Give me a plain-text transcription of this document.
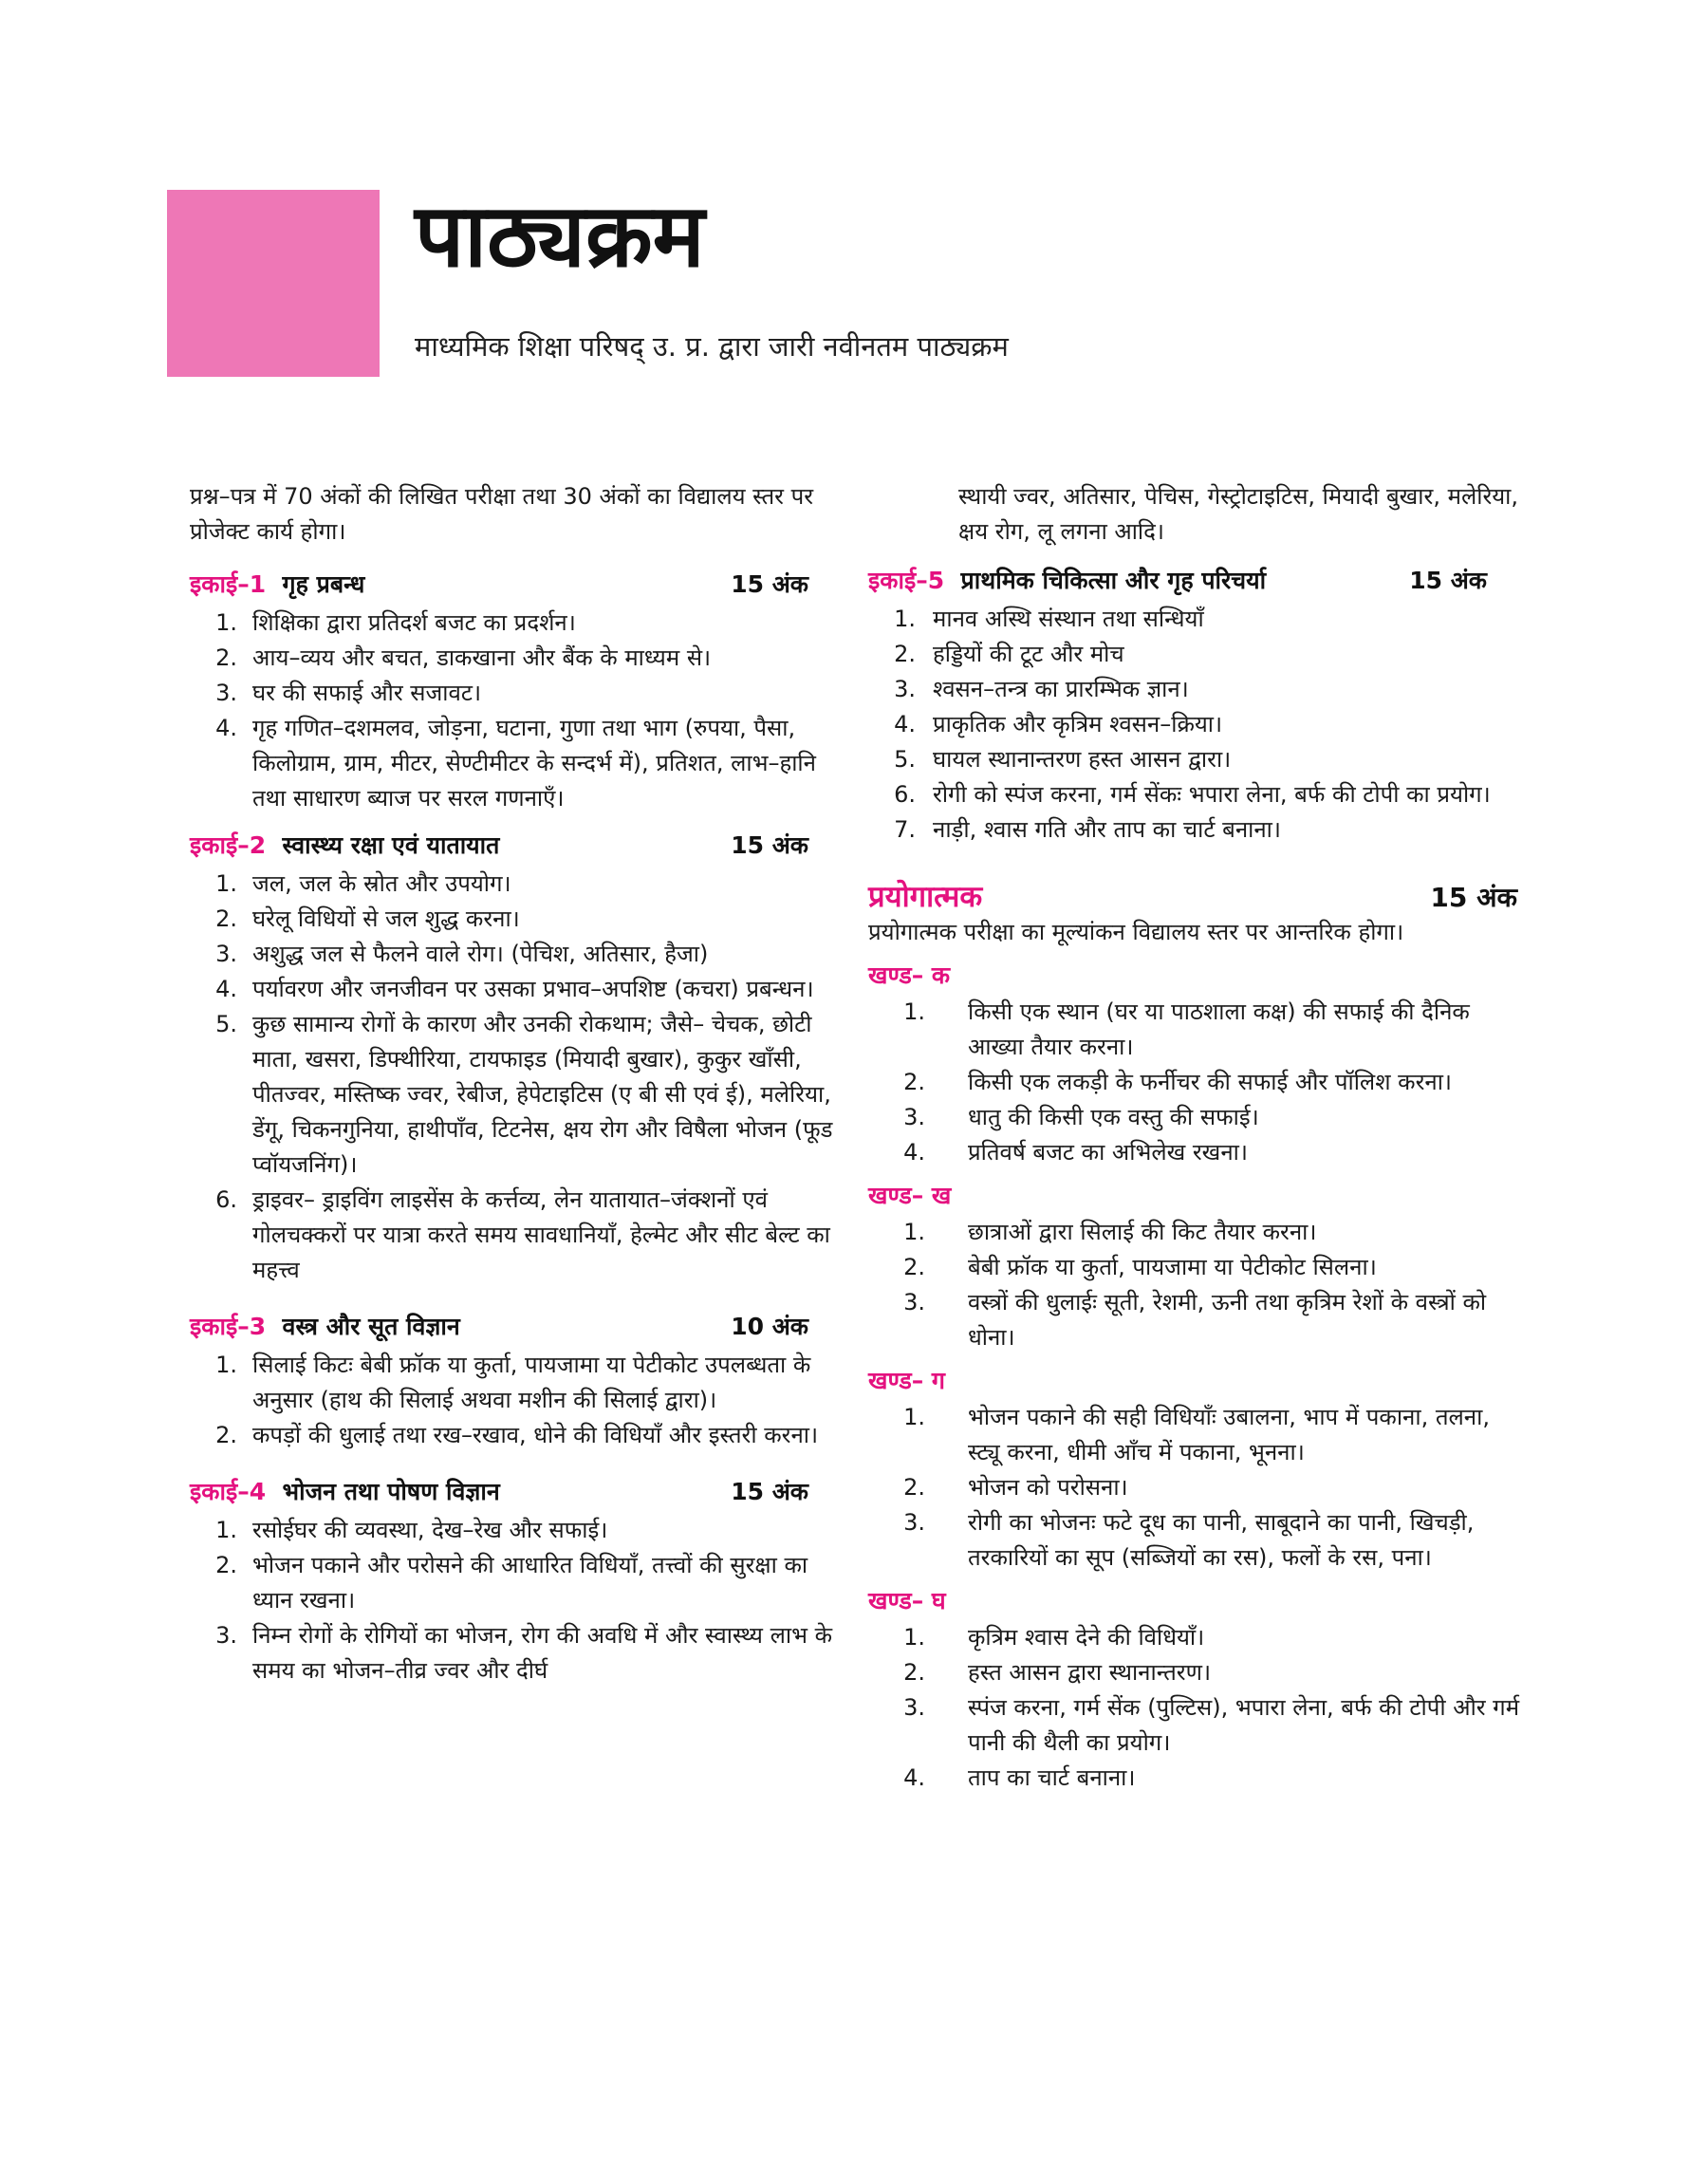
पाठ्यक्रम
माध्यमिक शिक्षा परिषद् उ. प्र. द्वारा जारी नवीनतम पाठ्यक्रम

प्रश्न–पत्र में 70 अंकों की लिखित परीक्षा तथा 30 अंकों का विद्यालय स्तर पर प्रोजेक्ट कार्य होगा।

इकाई–1 गृह प्रबन्ध	15 अंक
1. शिक्षिका द्वारा प्रतिदर्श बजट का प्रदर्शन।
2. आय–व्यय और बचत, डाकखाना और बैंक के माध्यम से।
3. घर की सफाई और सजावट।
4. गृह गणित–दशमलव, जोड़ना, घटाना, गुणा तथा भाग (रुपया, पैसा, किलोग्राम, ग्राम, मीटर, सेण्टीमीटर के सन्दर्भ में), प्रतिशत, लाभ–हानि तथा साधारण ब्याज पर सरल गणनाएँ।
इकाई–2 स्वास्थ्य रक्षा एवं यातायात	15 अंक
1. जल, जल के स्रोत और उपयोग।
2. घरेलू विधियों से जल शुद्ध करना।
3. अशुद्ध जल से फैलने वाले रोग। (पेचिश, अतिसार, हैजा)
4. पर्यावरण और जनजीवन पर उसका प्रभाव–अपशिष्ट (कचरा) प्रबन्धन।
5. कुछ सामान्य रोगों के कारण और उनकी रोकथाम; जैसे– चेचक, छोटी माता, खसरा, डिफ्थीरिया, टायफाइड (मियादी बुखार), कुकुर खाँसी, पीतज्वर, मस्तिष्क ज्वर, रेबीज, हेपेटाइटिस (ए बी सी एवं ई), मलेरिया, डेंगू, चिकनगुनिया, हाथीपाँव, टिटनेस, क्षय रोग और विषैला भोजन (फूड प्वॉयजनिंग)।
6. ड्राइवर– ड्राइविंग लाइसेंस के कर्त्तव्य, लेन यातायात–जंक्शनों एवं गोलचक्करों पर यात्रा करते समय सावधानियाँ, हेल्मेट और सीट बेल्ट का महत्त्व
इकाई–3 वस्त्र और सूत विज्ञान	10 अंक
1. सिलाई किटः बेबी फ्रॉक या कुर्ता, पायजामा या पेटीकोट उपलब्धता के अनुसार (हाथ की सिलाई अथवा मशीन की सिलाई द्वारा)।
2. कपड़ों की धुलाई तथा रख–रखाव, धोने की विधियाँ और इस्तरी करना।
इकाई–4 भोजन तथा पोषण विज्ञान	15 अंक
1. रसोईघर की व्यवस्था, देख–रेख और सफाई।
2. भोजन पकाने और परोसने की आधारित विधियाँ, तत्त्वों की सुरक्षा का ध्यान रखना।
3. निम्न रोगों के रोगियों का भोजन, रोग की अवधि में और स्वास्थ्य लाभ के समय का भोजन–तीव्र ज्वर और दीर्घ

स्थायी ज्वर, अतिसार, पेचिस, गेस्ट्रोटाइटिस, मियादी बुखार, मलेरिया, क्षय रोग, लू लगना आदि।

इकाई–5 प्राथमिक चिकित्सा और गृह परिचर्या	15 अंक
1. मानव अस्थि संस्थान तथा सन्धियाँ
2. हड्डियों की टूट और मोच
3. श्वसन–तन्त्र का प्रारम्भिक ज्ञान।
4. प्राकृतिक और कृत्रिम श्वसन–क्रिया।
5. घायल स्थानान्तरण हस्त आसन द्वारा।
6. रोगी को स्पंज करना, गर्म सेंकः भपारा लेना, बर्फ की टोपी का प्रयोग।
7. नाड़ी, श्वास गति और ताप का चार्ट बनाना।
प्रयोगात्मक	15 अंक

प्रयोगात्मक परीक्षा का मूल्यांकन विद्यालय स्तर पर आन्तरिक होगा।

खण्ड– क
1.	किसी एक स्थान (घर या पाठशाला कक्ष) की सफाई की दैनिक आख्या तैयार करना।
2.	किसी एक लकड़ी के फर्नीचर की सफाई और पॉलिश करना।
3.	धातु की किसी एक वस्तु की सफाई।
4.	प्रतिवर्ष बजट का अभिलेख रखना।
खण्ड– ख
1.	छात्राओं द्वारा सिलाई की किट तैयार करना।
2.	बेबी फ्रॉक या कुर्ता, पायजामा या पेटीकोट सिलना।
3.	वस्त्रों की धुलाईः सूती, रेशमी, ऊनी तथा कृत्रिम रेशों के वस्त्रों को धोना।
खण्ड– ग
1.	भोजन पकाने की सही विधियाँः उबालना, भाप में पकाना, तलना, स्ट्यू करना, धीमी आँच में पकाना, भूनना।
2.	भोजन को परोसना।
3.	रोगी का भोजनः फटे दूध का पानी, साबूदाने का पानी, खिचड़ी, तरकारियों का सूप (सब्जियों का रस), फलों के रस, पना।
खण्ड– घ
1.	कृत्रिम श्वास देने की विधियाँ।
2.	हस्त आसन द्वारा स्थानान्तरण।
3.	स्पंज करना, गर्म सेंक (पुल्टिस), भपारा लेना, बर्फ की टोपी और गर्म पानी की थैली का प्रयोग।
4.	ताप का चार्ट बनाना।
